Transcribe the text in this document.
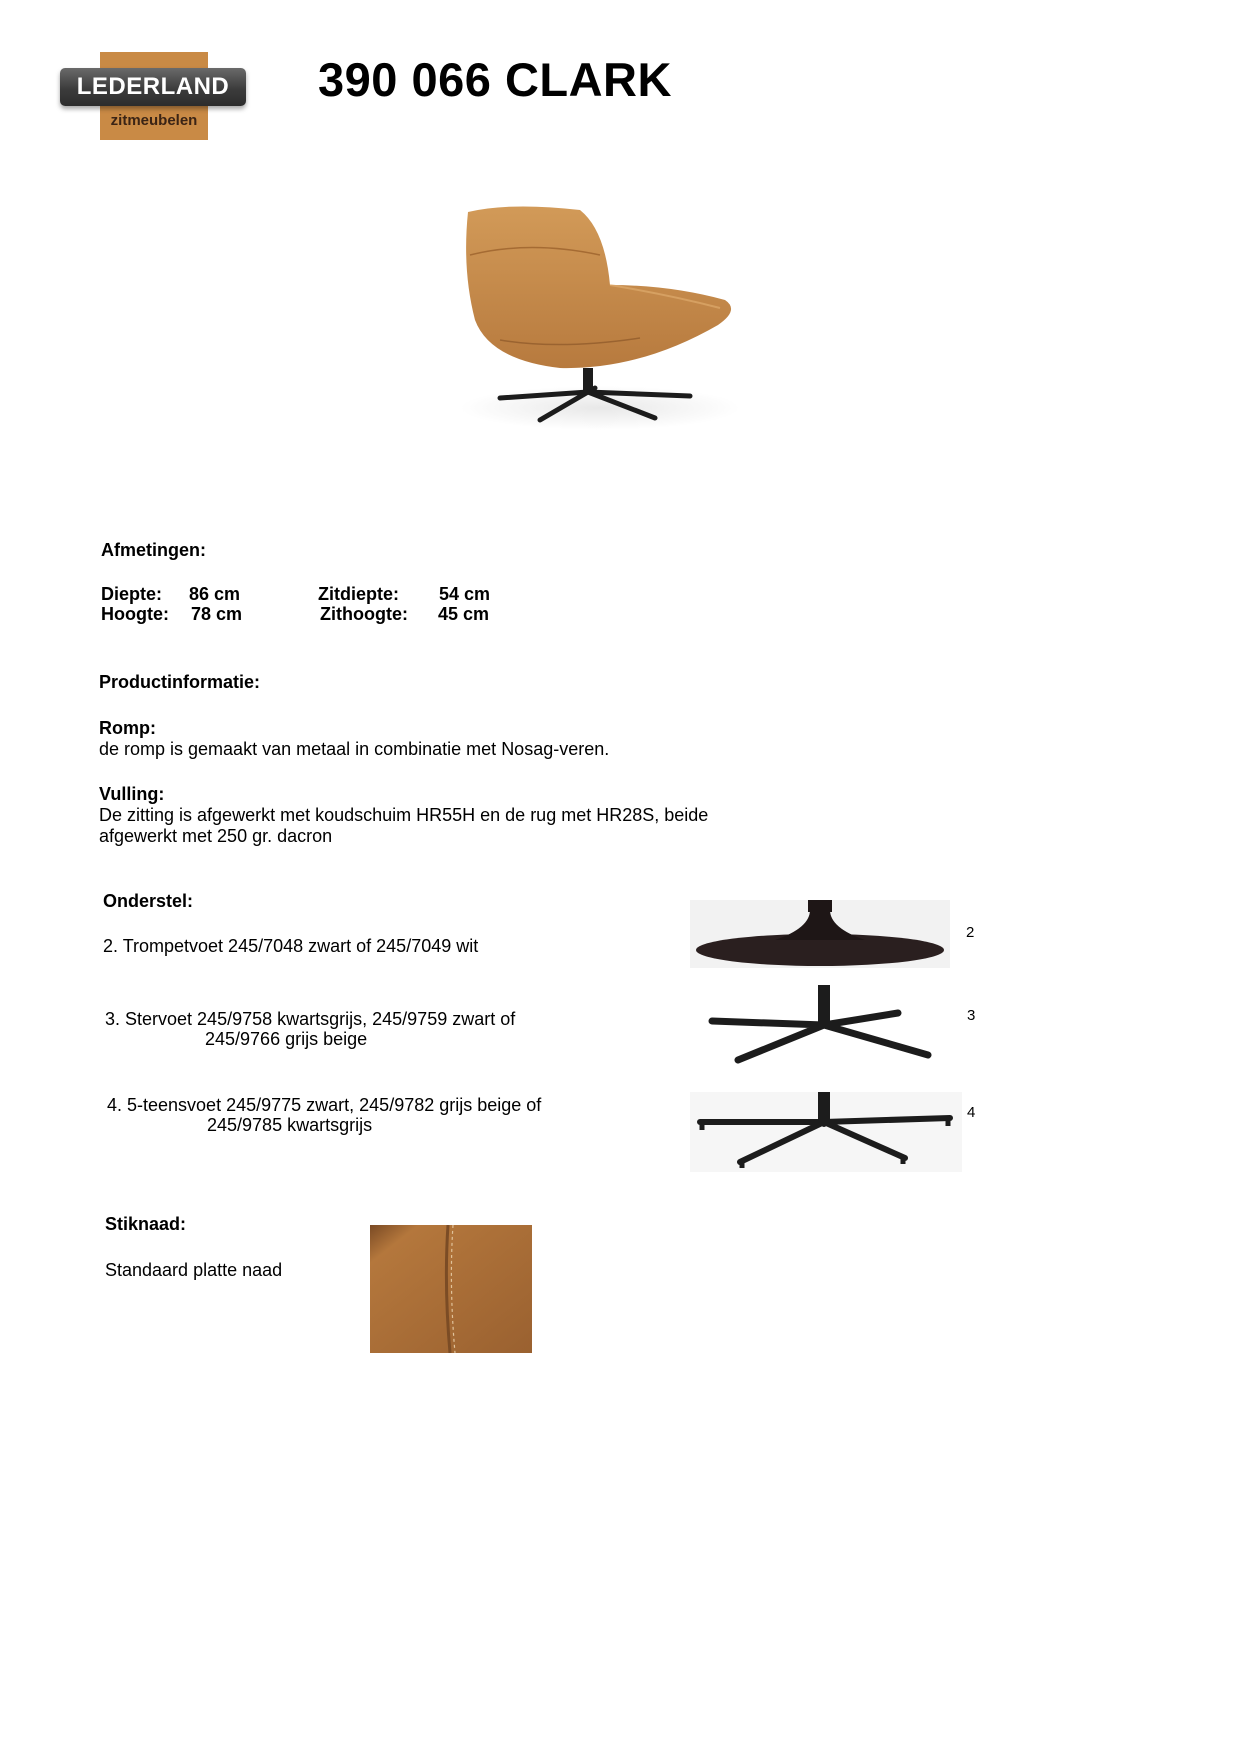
LEDERLAND
zitmeubelen
390 066 CLARK
Afmetingen:
Diepte: 86 cm
Hoogte: 78 cm
Zitdiepte: 54 cm
Zithoogte: 45 cm
Productinformatie:
Romp:
de romp is gemaakt van metaal in combinatie met Nosag-veren.
Vulling:
De zitting is afgewerkt met koudschuim HR55H en de rug met HR28S, beide
afgewerkt met 250 gr. dacron
Onderstel:
2. Trompetvoet 245/7048 zwart of 245/7049 wit
3. Stervoet 245/9758 kwartsgrijs, 245/9759 zwart of
245/9766 grijs beige
4. 5-teensvoet 245/9775 zwart, 245/9782 grijs beige of
245/9785 kwartsgrijs
2
3
4
Stiknaad:
Standaard platte naad
